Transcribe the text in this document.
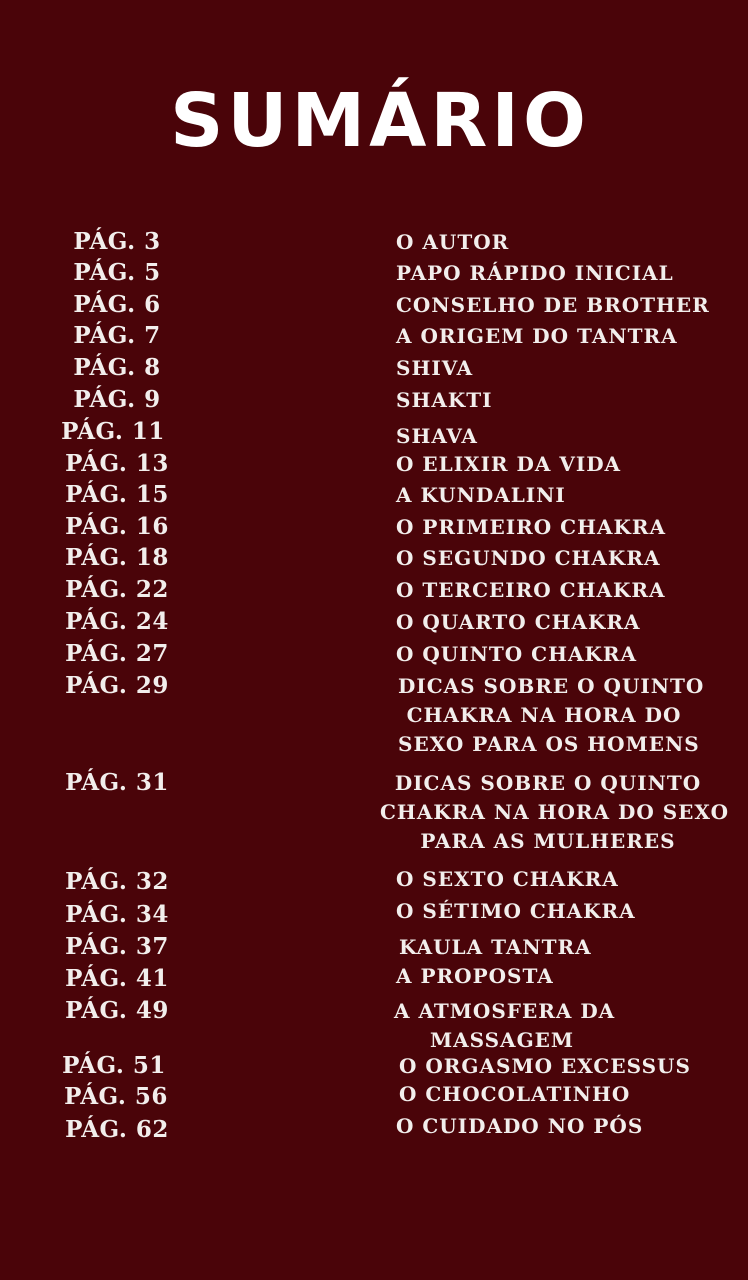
SUMÁRIO
PÁG. 3	O AUTOR
PÁG. 5	PAPO RÁPIDO INICIAL
PÁG. 6	CONSELHO DE BROTHER
PÁG. 7	A ORIGEM DO TANTRA
PÁG. 8	SHIVA
PÁG. 9	SHAKTI
PÁG. 11	SHAVA
PÁG. 13	O ELIXIR DA VIDA
PÁG. 15	A KUNDALINI
PÁG. 16	O PRIMEIRO CHAKRA
PÁG. 18	O SEGUNDO CHAKRA
PÁG. 22	O TERCEIRO CHAKRA
PÁG. 24	O QUARTO CHAKRA
PÁG. 27	O QUINTO CHAKRA
PÁG. 29	DICAS SOBRE O QUINTO
CHAKRA NA HORA DO
SEXO PARA OS HOMENS
PÁG. 31	DICAS SOBRE O QUINTO
CHAKRA NA HORA DO SEXO
PARA AS MULHERES
PÁG. 32	O SEXTO CHAKRA
PÁG. 34	O SÉTIMO CHAKRA
PÁG. 37	KAULA TANTRA
PÁG. 41	A PROPOSTA
PÁG. 49	A ATMOSFERA DA
MASSAGEM
PÁG. 51	O ORGASMO EXCESSUS
PÁG. 56	O CHOCOLATINHO
PÁG. 62	O CUIDADO NO PÓS
